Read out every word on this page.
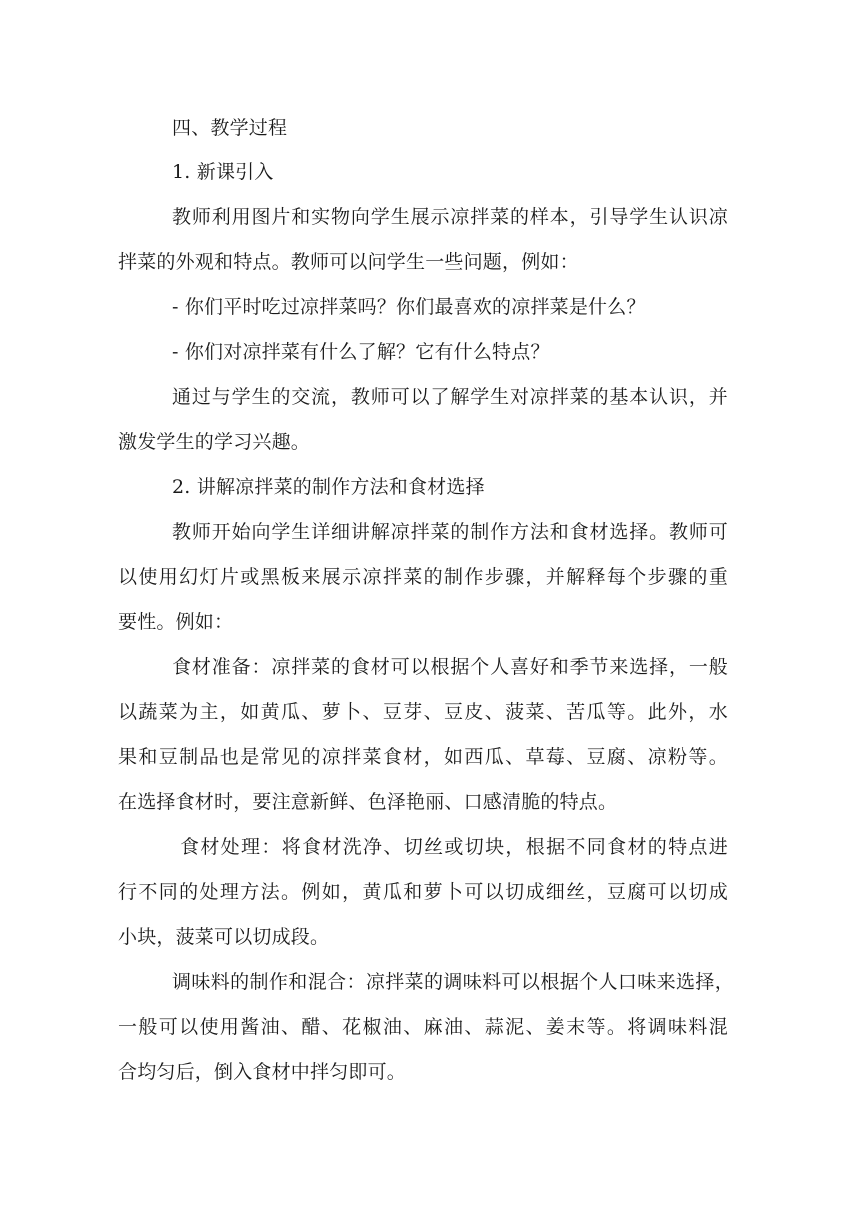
四、教学过程
1. 新课引入
教师利用图片和实物向学生展示凉拌菜的样本，引导学生认识凉
拌菜的外观和特点。教师可以问学生一些问题，例如：
- 你们平时吃过凉拌菜吗？你们最喜欢的凉拌菜是什么？
- 你们对凉拌菜有什么了解？它有什么特点？
通过与学生的交流，教师可以了解学生对凉拌菜的基本认识，并
激发学生的学习兴趣。
2. 讲解凉拌菜的制作方法和食材选择
教师开始向学生详细讲解凉拌菜的制作方法和食材选择。教师可
以使用幻灯片或黑板来展示凉拌菜的制作步骤，并解释每个步骤的重
要性。例如：
食材准备：凉拌菜的食材可以根据个人喜好和季节来选择，一般
以蔬菜为主，如黄瓜、萝卜、豆芽、豆皮、菠菜、苦瓜等。此外，水
果和豆制品也是常见的凉拌菜食材，如西瓜、草莓、豆腐、凉粉等。
在选择食材时，要注意新鲜、色泽艳丽、口感清脆的特点。
食材处理：将食材洗净、切丝或切块，根据不同食材的特点进
行不同的处理方法。例如，黄瓜和萝卜可以切成细丝，豆腐可以切成
小块，菠菜可以切成段。
调味料的制作和混合：凉拌菜的调味料可以根据个人口味来选择，
一般可以使用酱油、醋、花椒油、麻油、蒜泥、姜末等。将调味料混
合均匀后，倒入食材中拌匀即可。
